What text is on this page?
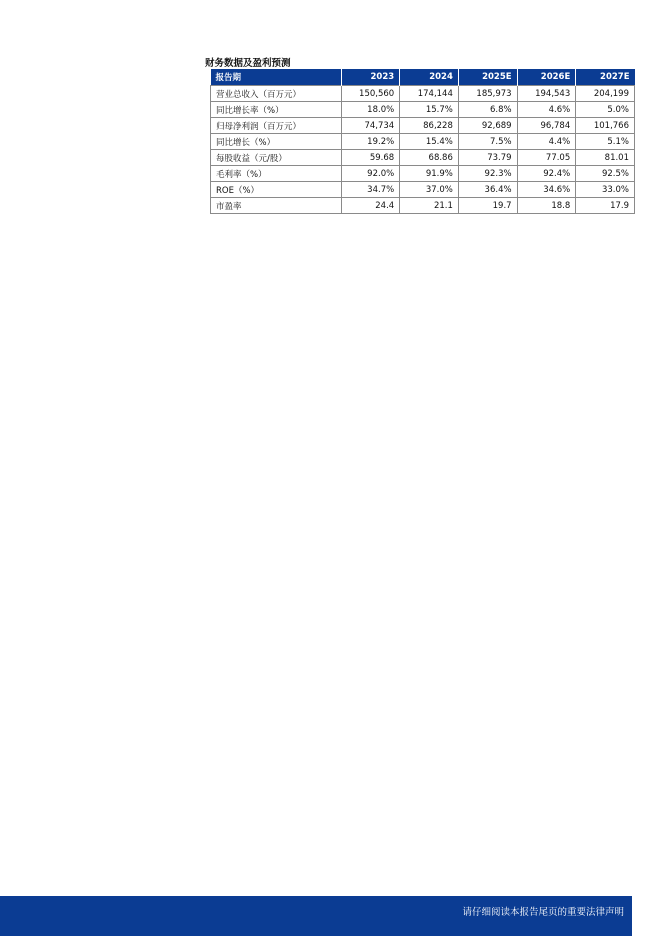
财务数据及盈利预测
报告期	2023	2024	2025E	2026E	2027E
营业总收入（百万元）	150,560	174,144	185,973	194,543	204,199
同比增长率（%）	18.0%	15.7%	6.8%	4.6%	5.0%
归母净利润（百万元）	74,734	86,228	92,689	96,784	101,766
同比增长（%）	19.2%	15.4%	7.5%	4.4%	5.1%
每股收益（元/股）	59.68	68.86	73.79	77.05	81.01
毛利率（%）	92.0%	91.9%	92.3%	92.4%	92.5%
ROE（%）	34.7%	37.0%	36.4%	34.6%	33.0%
市盈率	24.4	21.1	19.7	18.8	17.9
请仔细阅读本报告尾页的重要法律声明
